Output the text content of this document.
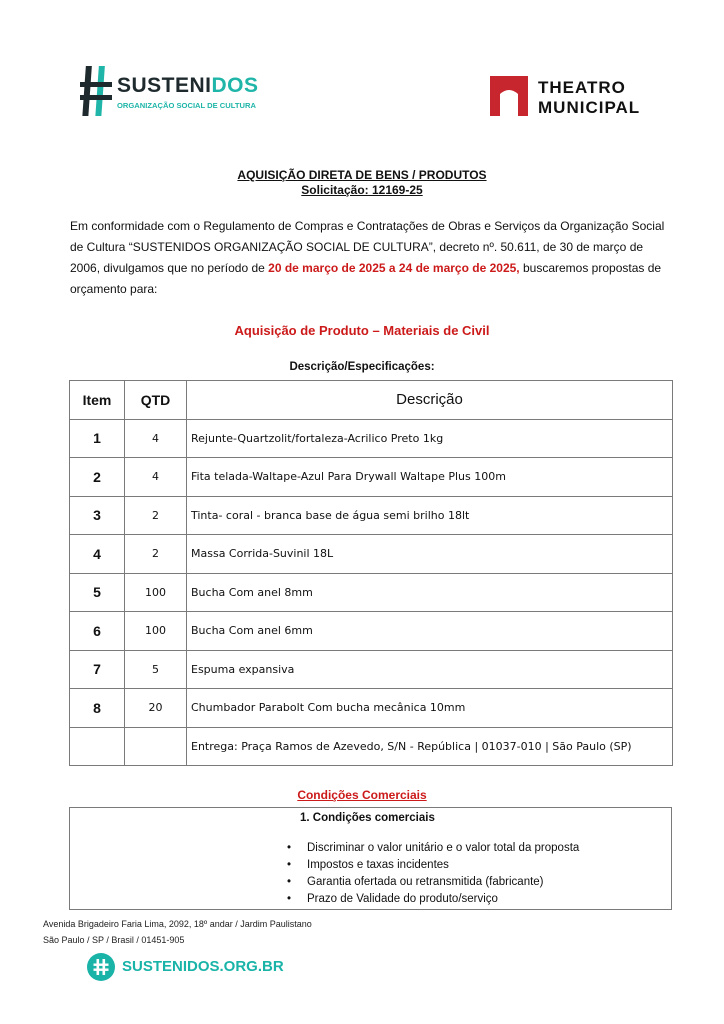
SUSTENIDOS
ORGANIZAÇÃO SOCIAL DE CULTURA
THEATRO
MUNICIPAL
AQUISIÇÃO DIRETA DE BENS / PRODUTOS
Solicitação: 12169-25
Em conformidade com o Regulamento de Compras e Contratações de Obras e Serviços da Organização Social de Cultura “SUSTENIDOS ORGANIZAÇÃO SOCIAL DE CULTURA”, decreto nº. 50.611, de 30 de março de 2006, divulgamos que no período de 20 de março de 2025 a 24 de março de 2025, buscaremos propostas de orçamento para:
Aquisição de Produto – Materiais de Civil
Descrição/Especificações:
Item	QTD	Descrição
1	4	Rejunte-Quartzolit/fortaleza-Acrilico Preto 1kg
2	4	Fita telada-Waltape-Azul Para Drywall Waltape Plus 100m
3	2	Tinta- coral - branca base de água semi brilho 18lt
4	2	Massa Corrida-Suvinil 18L
5	100	Bucha Com anel 8mm
6	100	Bucha Com anel 6mm
7	5	Espuma expansiva
8	20	Chumbador Parabolt Com bucha mecânica 10mm
		Entrega: Praça Ramos de Azevedo, S/N - República | 01037-010 | São Paulo (SP)
Condições Comerciais
1. Condições comerciais
• Discriminar o valor unitário e o valor total da proposta
• Impostos e taxas incidentes
• Garantia ofertada ou retransmitida (fabricante)
• Prazo de Validade do produto/serviço
Avenida Brigadeiro Faria Lima, 2092, 18º andar / Jardim Paulistano
São Paulo / SP / Brasil / 01451-905
SUSTENIDOS.ORG.BR
